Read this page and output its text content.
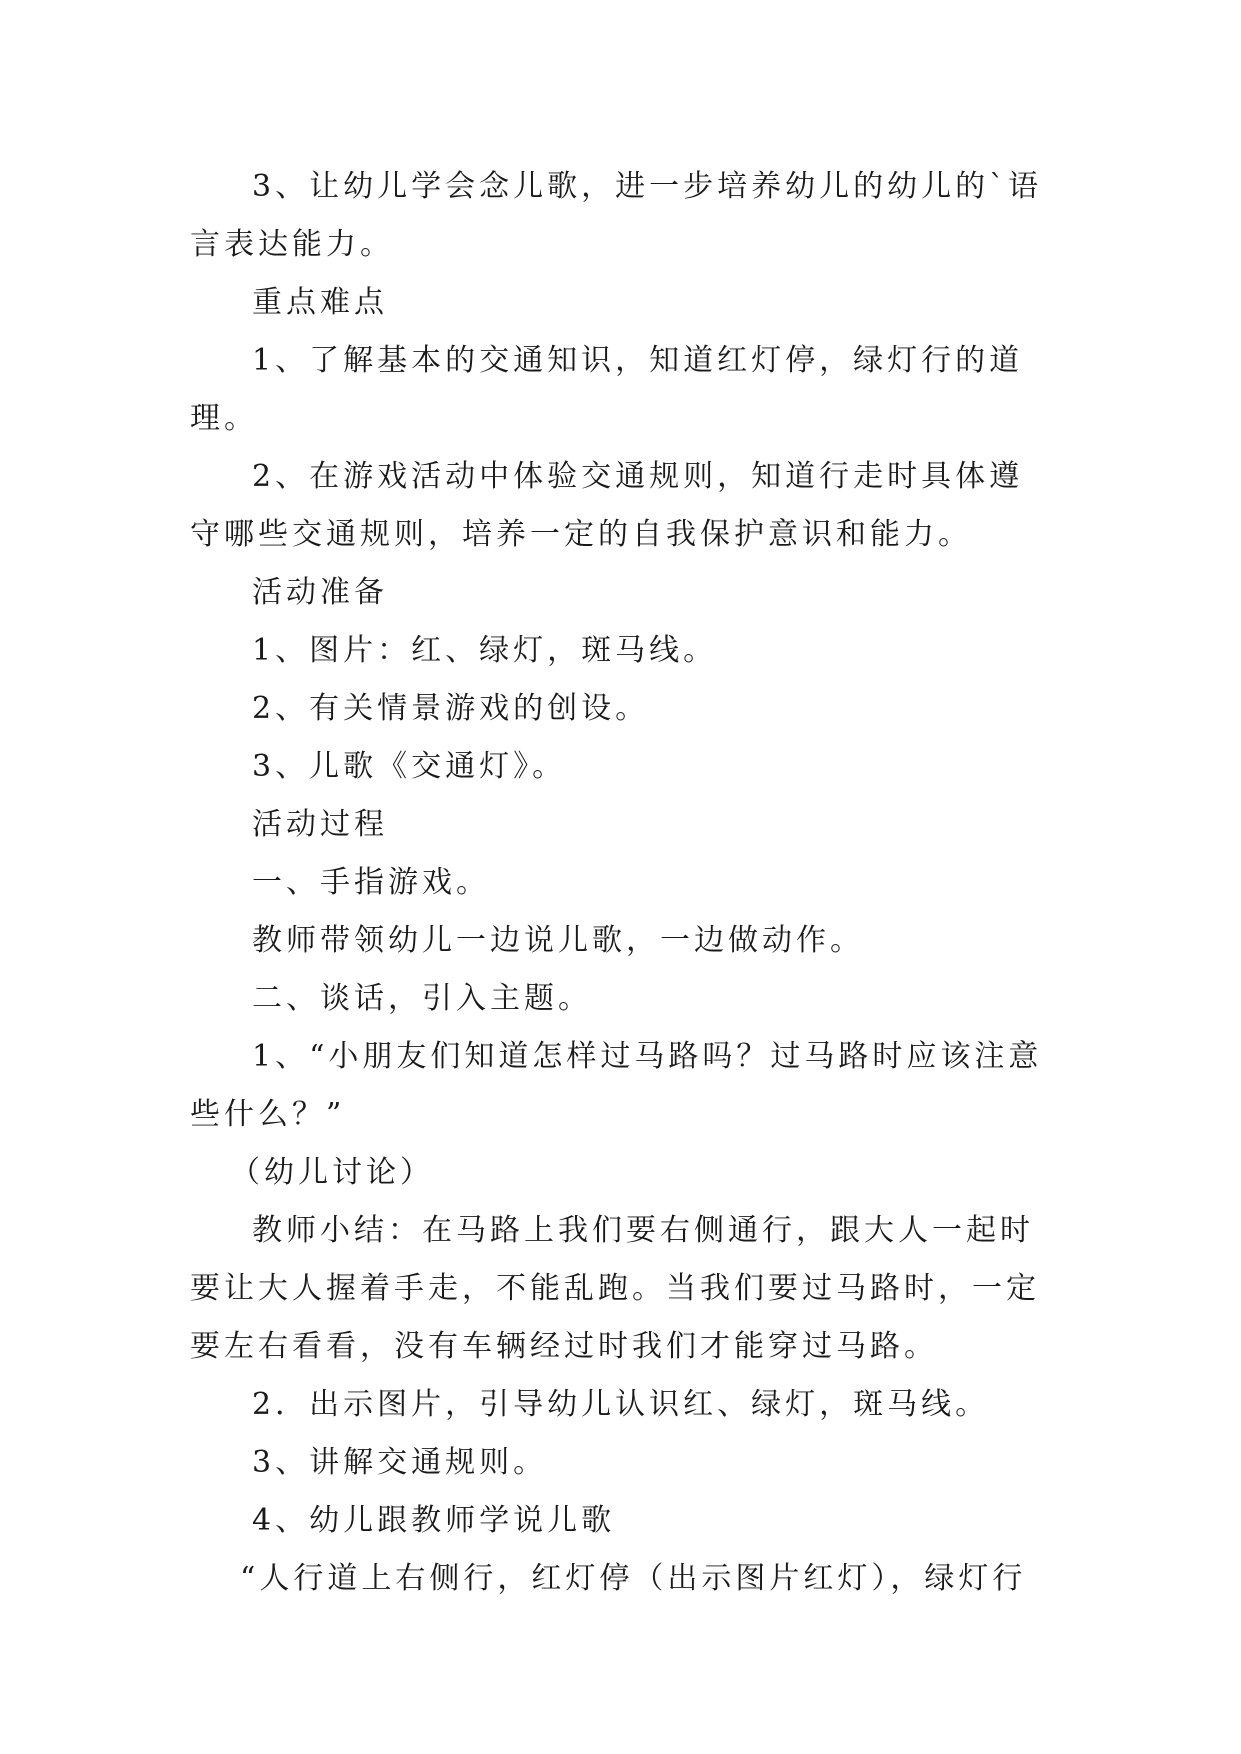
3、让幼儿学会念儿歌，进一步培养幼儿的幼儿的`语言表达能力。

重点难点

1、了解基本的交通知识，知道红灯停，绿灯行的道理。

2、在游戏活动中体验交通规则，知道行走时具体遵守哪些交通规则，培养一定的自我保护意识和能力。

活动准备

1、图片：红、绿灯，斑马线。

2、有关情景游戏的创设。

3、儿歌《交通灯》。

活动过程

一、手指游戏。

教师带领幼儿一边说儿歌，一边做动作。

二、谈话，引入主题。

1、“小朋友们知道怎样过马路吗？过马路时应该注意些什么？”

（幼儿讨论）

教师小结：在马路上我们要右侧通行，跟大人一起时要让大人握着手走，不能乱跑。当我们要过马路时，一定要左右看看，没有车辆经过时我们才能穿过马路。

2．出示图片，引导幼儿认识红、绿灯，斑马线。

3、讲解交通规则。

4、幼儿跟教师学说儿歌

“人行道上右侧行，红灯停（出示图片红灯），绿灯行
